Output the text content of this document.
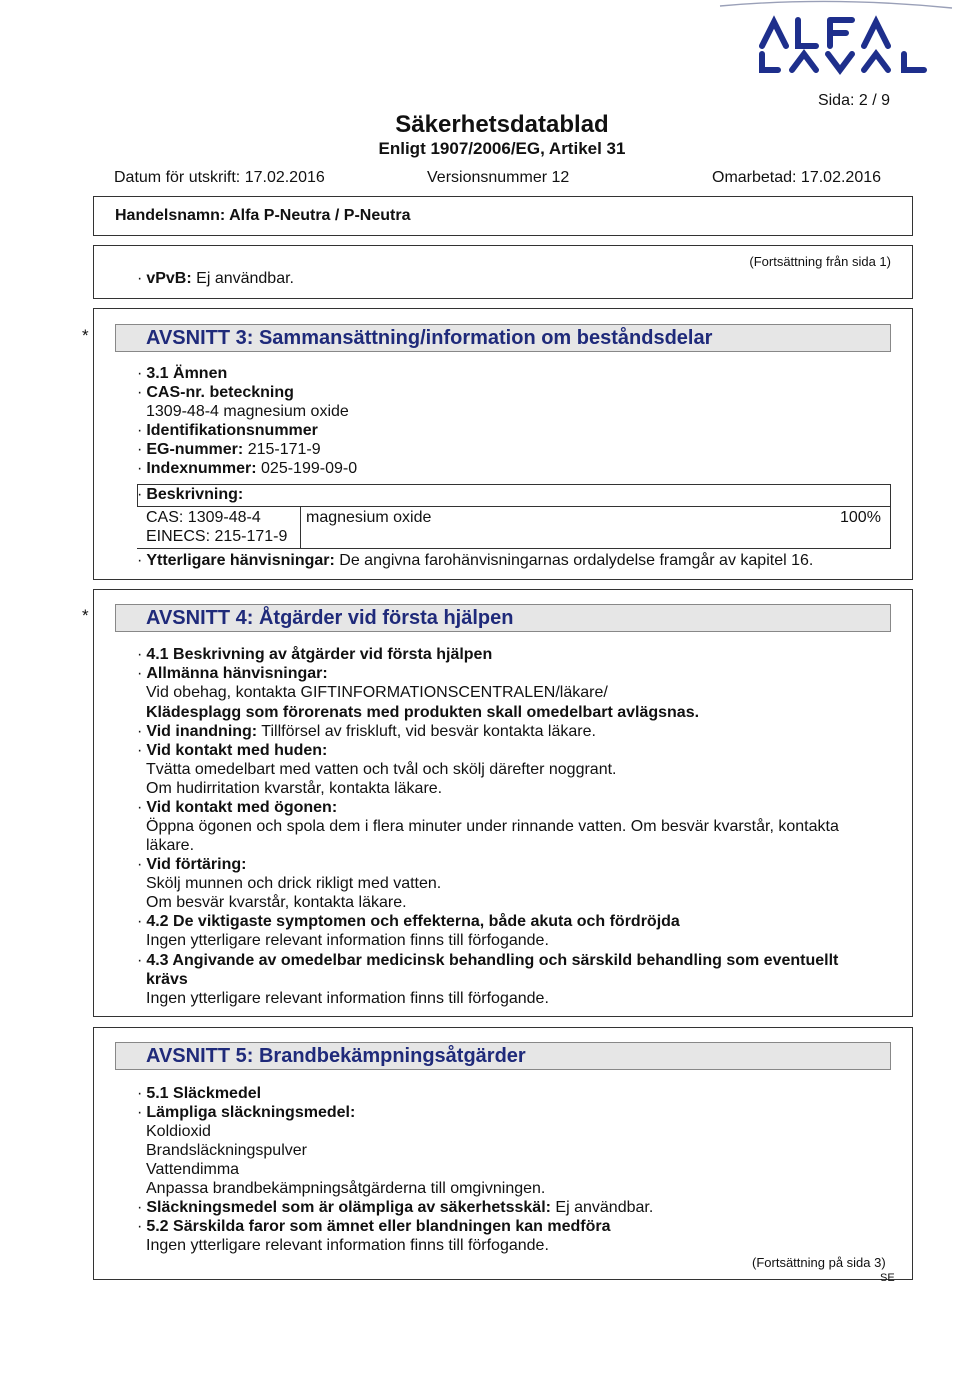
Sida: 2 / 9
Säkerhetsdatablad
Enligt 1907/2006/EG, Artikel 31
Datum för utskrift: 17.02.2016	Versionsnummer 12	Omarbetad: 17.02.2016
Handelsnamn: Alfa P-Neutra / P-Neutra
(Fortsättning från sida 1)
· vPvB: Ej användbar.
*	AVSNITT 3: Sammansättning/information om beståndsdelar
· 3.1 Ämnen
· CAS-nr. beteckning
1309-48-4 magnesium oxide
· Identifikationsnummer
· EG-nummer: 215-171-9
· Indexnummer: 025-199-09-0
· Beskrivning:
CAS: 1309-48-4
EINECS: 215-171-9
magnesium oxide	100%
· Ytterligare hänvisningar: De angivna farohänvisningarnas ordalydelse framgår av kapitel 16.
*	AVSNITT 4: Åtgärder vid första hjälpen
· 4.1 Beskrivning av åtgärder vid första hjälpen
· Allmänna hänvisningar:
Vid obehag, kontakta GIFTINFORMATIONSCENTRALEN/läkare/
Klädesplagg som förorenats med produkten skall omedelbart avlägsnas.
· Vid inandning: Tillförsel av friskluft, vid besvär kontakta läkare.
· Vid kontakt med huden:
Tvätta omedelbart med vatten och tvål och skölj därefter noggrant.
Om hudirritation kvarstår, kontakta läkare.
· Vid kontakt med ögonen:
Öppna ögonen och spola dem i flera minuter under rinnande vatten. Om besvär kvarstår, kontakta
läkare.
· Vid förtäring:
Skölj munnen och drick rikligt med vatten.
Om besvär kvarstår, kontakta läkare.
· 4.2 De viktigaste symptomen och effekterna, både akuta och fördröjda
Ingen ytterligare relevant information finns till förfogande.
· 4.3 Angivande av omedelbar medicinsk behandling och särskild behandling som eventuellt
krävs
Ingen ytterligare relevant information finns till förfogande.
AVSNITT 5: Brandbekämpningsåtgärder
· 5.1 Släckmedel
· Lämpliga släckningsmedel:
Koldioxid
Brandsläckningspulver
Vattendimma
Anpassa brandbekämpningsåtgärderna till omgivningen.
· Släckningsmedel som är olämpliga av säkerhetsskäl: Ej användbar.
· 5.2 Särskilda faror som ämnet eller blandningen kan medföra
Ingen ytterligare relevant information finns till förfogande.
(Fortsättning på sida 3)
SE
